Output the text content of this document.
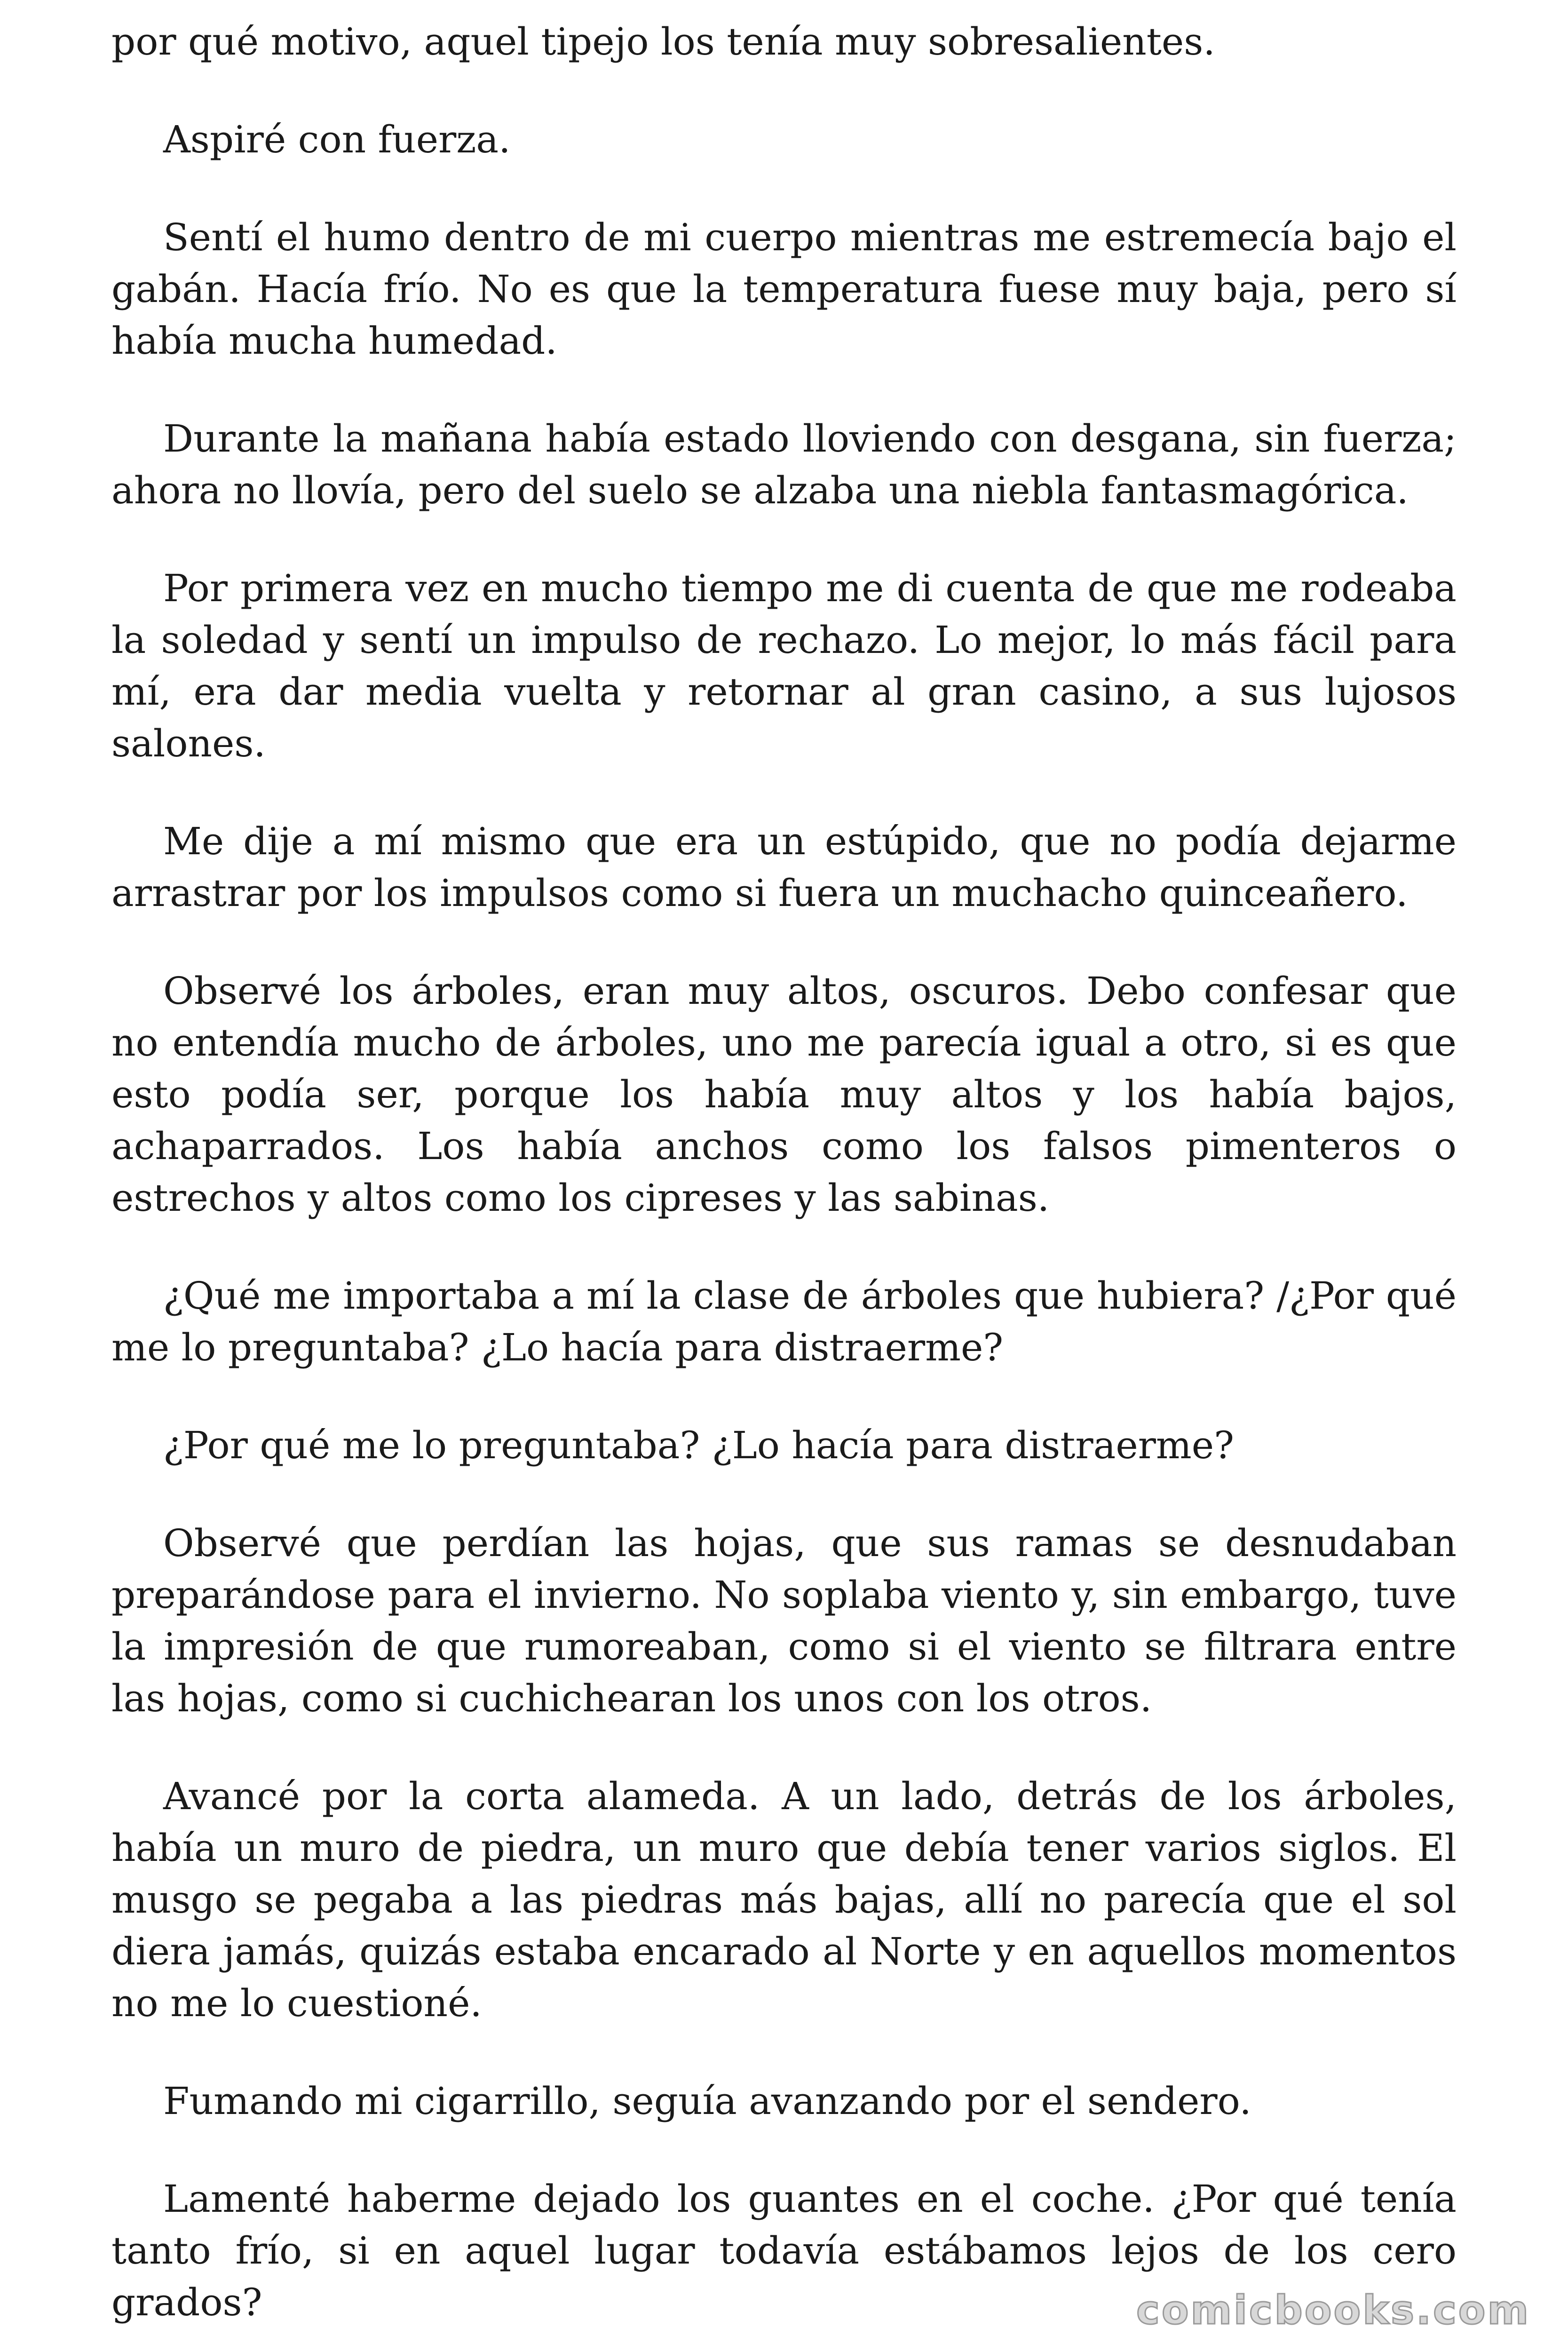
por qué motivo, aquel tipejo los tenía muy sobresalientes.

Aspiré con fuerza.

Sentí el humo dentro de mi cuerpo mientras me estremecía bajo el gabán. Hacía frío. No es que la temperatura fuese muy baja, pero sí había mucha humedad.

Durante la mañana había estado lloviendo con desgana, sin fuerza; ahora no llovía, pero del suelo se alzaba una niebla fantasmagórica.

Por primera vez en mucho tiempo me di cuenta de que me rodeaba la soledad y sentí un impulso de rechazo. Lo mejor, lo más fácil para mí, era dar media vuelta y retornar al gran casino, a sus lujosos salones.

Me dije a mí mismo que era un estúpido, que no podía dejarme arrastrar por los impulsos como si fuera un muchacho quinceañero.

Observé los árboles, eran muy altos, oscuros. Debo confesar que no entendía mucho de árboles, uno me parecía igual a otro, si es que esto podía ser, porque los había muy altos y los había bajos, achaparrados. Los había anchos como los falsos pimenteros o estrechos y altos como los cipreses y las sabinas.

¿Qué me importaba a mí la clase de árboles que hubiera? /¿Por qué me lo preguntaba? ¿Lo hacía para distraerme?

¿Por qué me lo preguntaba? ¿Lo hacía para distraerme?

Observé que perdían las hojas, que sus ramas se desnudaban preparándose para el invierno. No soplaba viento y, sin embargo, tuve la impresión de que rumoreaban, como si el viento se filtrara entre las hojas, como si cuchichearan los unos con los otros.

Avancé por la corta alameda. A un lado, detrás de los árboles, había un muro de piedra, un muro que debía tener varios siglos. El musgo se pegaba a las piedras más bajas, allí no parecía que el sol diera jamás, quizás estaba encarado al Norte y en aquellos momentos no me lo cuestioné.

Fumando mi cigarrillo, seguía avanzando por el sendero.

Lamenté haberme dejado los guantes en el coche. ¿Por qué tenía tanto frío, si en aquel lugar todavía estábamos lejos de los cero grados?	comicbooks.com
